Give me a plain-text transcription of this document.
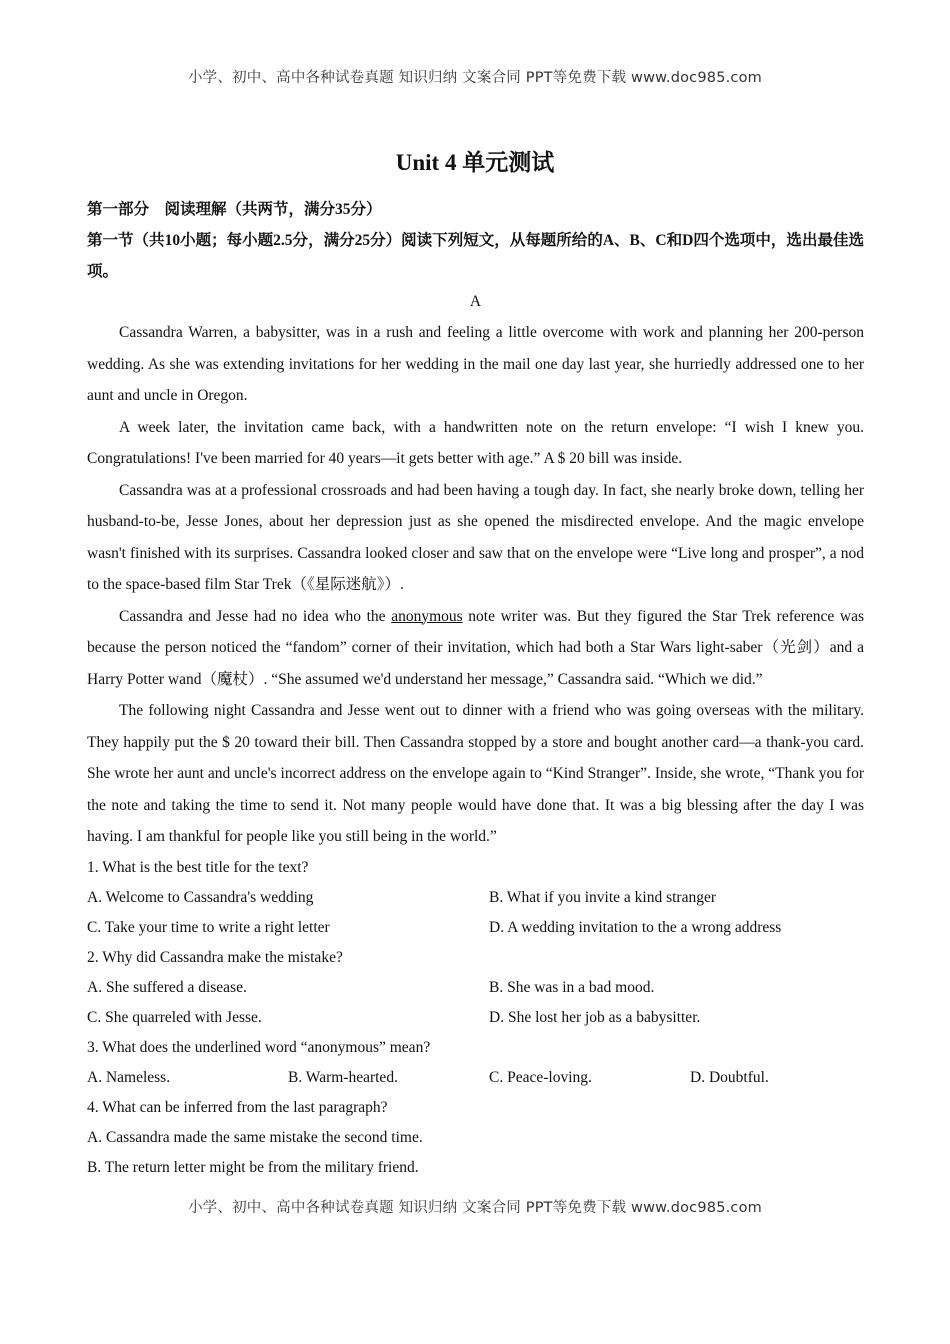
小学、初中、高中各种试卷真题 知识归纳 文案合同 PPT等免费下载 www.doc985.com
Unit 4 单元测试
第一部分　阅读理解（共两节，满分35分）
第一节（共10小题；每小题2.5分，满分25分）阅读下列短文，从每题所给的A、B、C和D四个选项中，选出最佳选项。
A

Cassandra Warren, a babysitter, was in a rush and feeling a little overcome with work and planning her 200-person wedding. As she was extending invitations for her wedding in the mail one day last year, she hurriedly addressed one to her aunt and uncle in Oregon.

A week later, the invitation came back, with a handwritten note on the return envelope: “I wish I knew you. Congratulations! I've been married for 40 years—it gets better with age.” A $ 20 bill was inside.

Cassandra was at a professional crossroads and had been having a tough day. In fact, she nearly broke down, telling her husband-to-be, Jesse Jones, about her depression just as she opened the misdirected envelope. And the magic envelope wasn't finished with its surprises. Cassandra looked closer and saw that on the envelope were “Live long and prosper”, a nod to the space-based film Star Trek（《星际迷航》）.

Cassandra and Jesse had no idea who the anonymous note writer was. But they figured the Star Trek reference was because the person noticed the “fandom” corner of their invitation, which had both a Star Wars light-saber（光剑）and a Harry Potter wand（魔杖）. “She assumed we'd understand her message,” Cassandra said. “Which we did.”

The following night Cassandra and Jesse went out to dinner with a friend who was going overseas with the military. They happily put the $ 20 toward their bill. Then Cassandra stopped by a store and bought another card—a thank-you card. She wrote her aunt and uncle's incorrect address on the envelope again to “Kind Stranger”. Inside, she wrote, “Thank you for the note and taking the time to send it. Not many people would have done that. It was a big blessing after the day I was having. I am thankful for people like you still being in the world.”

1. What is the best title for the text?

A. Welcome to Cassandra's wedding	B. What if you invite a kind stranger
C. Take your time to write a right letter	D. A wedding invitation to the a wrong address

2. Why did Cassandra make the mistake?

A. She suffered a disease.	B. She was in a bad mood.
C. She quarreled with Jesse.	D. She lost her job as a babysitter.

3. What does the underlined word “anonymous” mean?

A. Nameless.	B. Warm-hearted.	C. Peace-loving.	D. Doubtful.

4. What can be inferred from the last paragraph?

A. Cassandra made the same mistake the second time.

B. The return letter might be from the military friend.

小学、初中、高中各种试卷真题 知识归纳 文案合同 PPT等免费下载 www.doc985.com
